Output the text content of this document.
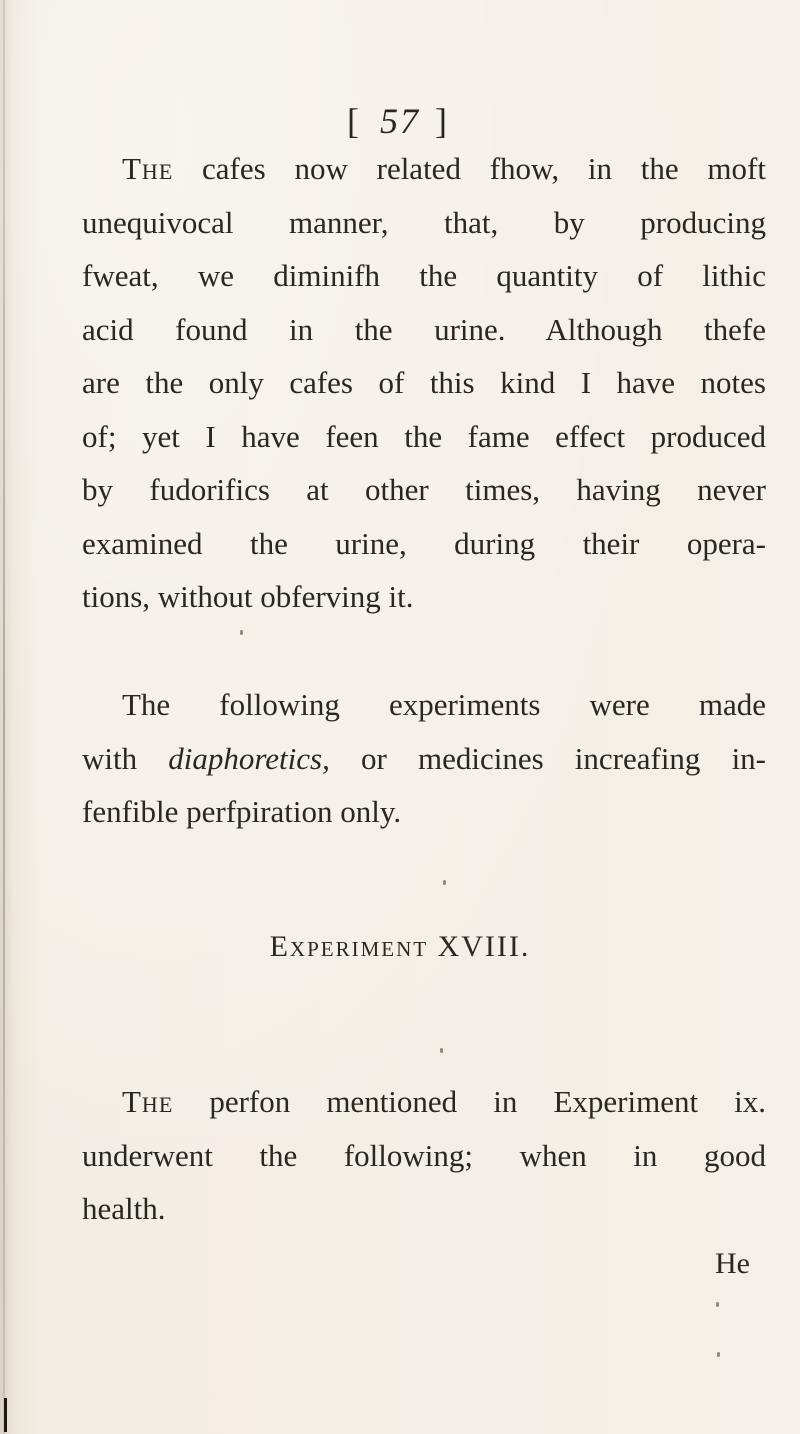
[ 57 ]
The cafes now related fhow, in the moft
unequivocal manner, that, by producing
fweat, we diminifh the quantity of lithic
acid found in the urine. Although thefe
are the only cafes of this kind I have notes
of; yet I have feen the fame effect produced
by fudorifics at other times, having never
examined the urine, during their opera-
tions, without obferving it.
The following experiments were made
with diaphoretics, or medicines increafing in-
fenfible perfpiration only.
Experiment XVIII.
The perfon mentioned in Experiment ix.
underwent the following; when in good
health.
He
